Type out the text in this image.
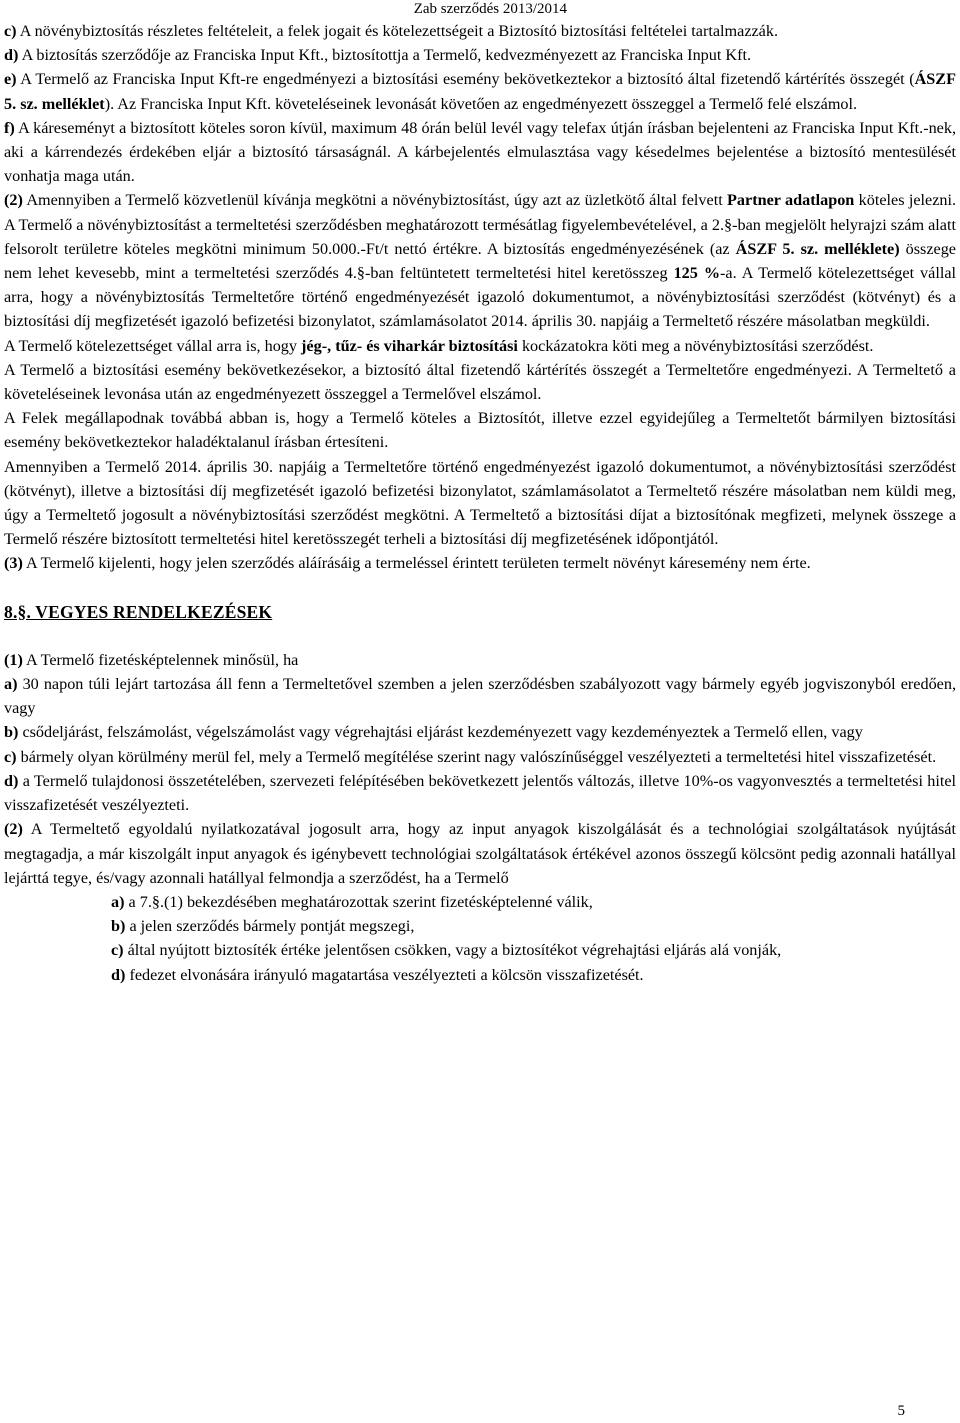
Zab szerződés 2013/2014

c) A növénybiztosítás részletes feltételeit, a felek jogait és kötelezettségeit a Biztosító biztosítási feltételei tartalmazzák.

d) A biztosítás szerződője az Franciska Input Kft., biztosítottja a Termelő, kedvezményezett az Franciska Input Kft.

e) A Termelő az Franciska Input Kft-re engedményezi a biztosítási esemény bekövetkeztekor a biztosító által fizetendő kártérítés összegét (ÁSZF 5. sz. melléklet). Az Franciska Input Kft. követeléseinek levonását követően az engedményezett összeggel a Termelő felé elszámol.

f) A káreseményt a biztosított köteles soron kívül, maximum 48 órán belül levél vagy telefax útján írásban bejelenteni az Franciska Input Kft.-nek, aki a kárrendezés érdekében eljár a biztosító társaságnál. A kárbejelentés elmulasztása vagy késedelmes bejelentése a biztosító mentesülését vonhatja maga után.

(2) Amennyiben a Termelő közvetlenül kívánja megkötni a növénybiztosítást, úgy azt az üzletkötő által felvett Partner adatlapon köteles jelezni. A Termelő a növénybiztosítást a termeltetési szerződésben meghatározott termésátlag figyelembevételével, a 2.§-ban megjelölt helyrajzi szám alatt felsorolt területre köteles megkötni minimum 50.000.-Ft/t nettó értékre. A biztosítás engedményezésének (az ÁSZF 5. sz. melléklete) összege nem lehet kevesebb, mint a termeltetési szerződés 4.§-ban feltüntetett termeltetési hitel keretösszeg 125 %-a. A Termelő kötelezettséget vállal arra, hogy a növénybiztosítás Termeltetőre történő engedményezését igazoló dokumentumot, a növénybiztosítási szerződést (kötvényt) és a biztosítási díj megfizetését igazoló befizetési bizonylatot, számlamásolatot 2014. április 30. napjáig a Termeltető részére másolatban megküldi.

A Termelő kötelezettséget vállal arra is, hogy jég-, tűz- és viharkár biztosítási kockázatokra köti meg a növénybiztosítási szerződést.

A Termelő a biztosítási esemény bekövetkezésekor, a biztosító által fizetendő kártérítés összegét a Termeltetőre engedményezi. A Termeltető a követeléseinek levonása után az engedményezett összeggel a Termelővel elszámol.

A Felek megállapodnak továbbá abban is, hogy a Termelő köteles a Biztosítót, illetve ezzel egyidejűleg a Termeltetőt bármilyen biztosítási esemény bekövetkeztekor haladéktalanul írásban értesíteni.

Amennyiben a Termelő 2014. április 30. napjáig a Termeltetőre történő engedményezést igazoló dokumentumot, a növénybiztosítási szerződést (kötvényt), illetve a biztosítási díj megfizetését igazoló befizetési bizonylatot, számlamásolatot a Termeltető részére másolatban nem küldi meg, úgy a Termeltető jogosult a növénybiztosítási szerződést megkötni. A Termeltető a biztosítási díjat a biztosítónak megfizeti, melynek összege a Termelő részére biztosított termeltetési hitel keretösszegét terheli a biztosítási díj megfizetésének időpontjától.

(3) A Termelő kijelenti, hogy jelen szerződés aláírásáig a termeléssel érintett területen termelt növényt káresemény nem érte.

8.§. VEGYES RENDELKEZÉSEK

(1) A Termelő fizetésképtelennek minősül, ha

a) 30 napon túli lejárt tartozása áll fenn a Termeltetővel szemben a jelen szerződésben szabályozott vagy bármely egyéb jogviszonyból eredően, vagy

b) csődeljárást, felszámolást, végelszámolást vagy végrehajtási eljárást kezdeményezett vagy kezdeményeztek a Termelő ellen, vagy

c) bármely olyan körülmény merül fel, mely a Termelő megítélése szerint nagy valószínűséggel veszélyezteti a termeltetési hitel visszafizetését.

d) a Termelő tulajdonosi összetételében, szervezeti felépítésében bekövetkezett jelentős változás, illetve 10%-os vagyonvesztés a termeltetési hitel visszafizetését veszélyezteti.

(2) A Termeltető egyoldalú nyilatkozatával jogosult arra, hogy az input anyagok kiszolgálását és a technológiai szolgáltatások nyújtását megtagadja, a már kiszolgált input anyagok és igénybevett technológiai szolgáltatások értékével azonos összegű kölcsönt pedig azonnali hatállyal lejárttá tegye, és/vagy azonnali hatállyal felmondja a szerződést, ha a Termelő

a) a 7.§.(1) bekezdésében meghatározottak szerint fizetésképtelenné válik,

b) a jelen szerződés bármely pontját megszegi,

c) által nyújtott biztosíték értéke jelentősen csökken, vagy a biztosítékot végrehajtási eljárás alá vonják,

d) fedezet elvonására irányuló magatartása veszélyezteti a kölcsön visszafizetését.

5
